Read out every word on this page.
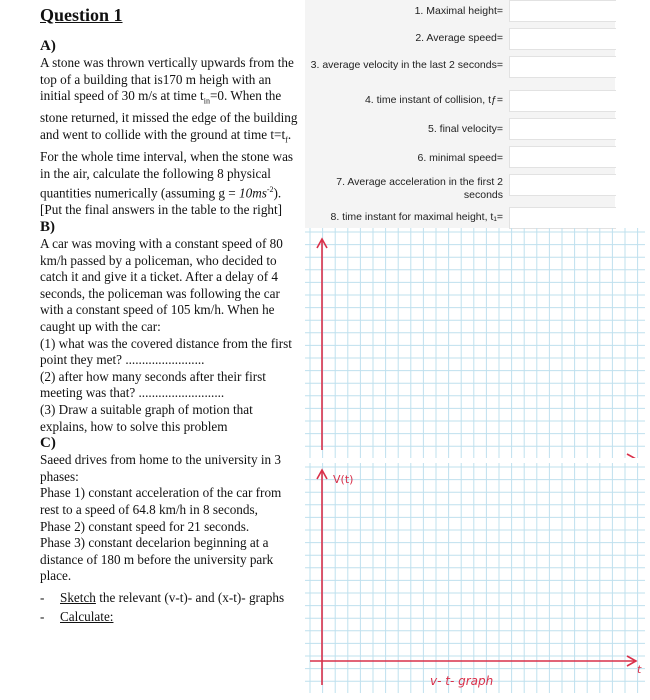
Question 1
A)
A stone was thrown vertically upwards from the top of a building that is170 m heigh with an initial speed of 30 m/s at time $t_{in}=0$. When the stone returned, it missed the edge of the building and went to collide with the ground at time $t=t_f$. For the whole time interval, when the stone was in the air, calculate the following 8 physical quantities numerically (assuming $g = 10ms^{-2}$). [Put the final answers in the table to the right]
B)
A car was moving with a constant speed of 80 km/h passed by a policeman, who decided to catch it and give it a ticket. After a delay of 4 seconds, the policeman was following the car with a constant speed of 105 km/h. When he caught up with the car:
(1) what was the covered distance from the first point they met? ........................
(2) after how many seconds after their first meeting was that? ..........................
(3) Draw a suitable graph of motion that explains, how to solve this problem
C)
Saeed drives from home to the university in 3 phases:
Phase 1) constant acceleration of the car from rest to a speed of 64.8 km/h in 8 seconds,
Phase 2) constant speed for 21 seconds.
Phase 3) constant decelarion beginning at a distance of 180 m before the university park place.
-	Sketch the relevant (v-t)- and (x-t)- graphs
-	Calculate:
1. Maximal height=
2. Average speed=
3. average velocity in the last 2 seconds=
4. time instant of collision, tƒ=
5. final velocity=
6. minimal speed=
7. Average acceleration in the first 2 seconds
8. time instant for maximal height, t₁=
V(t)
t
v- t- graph
